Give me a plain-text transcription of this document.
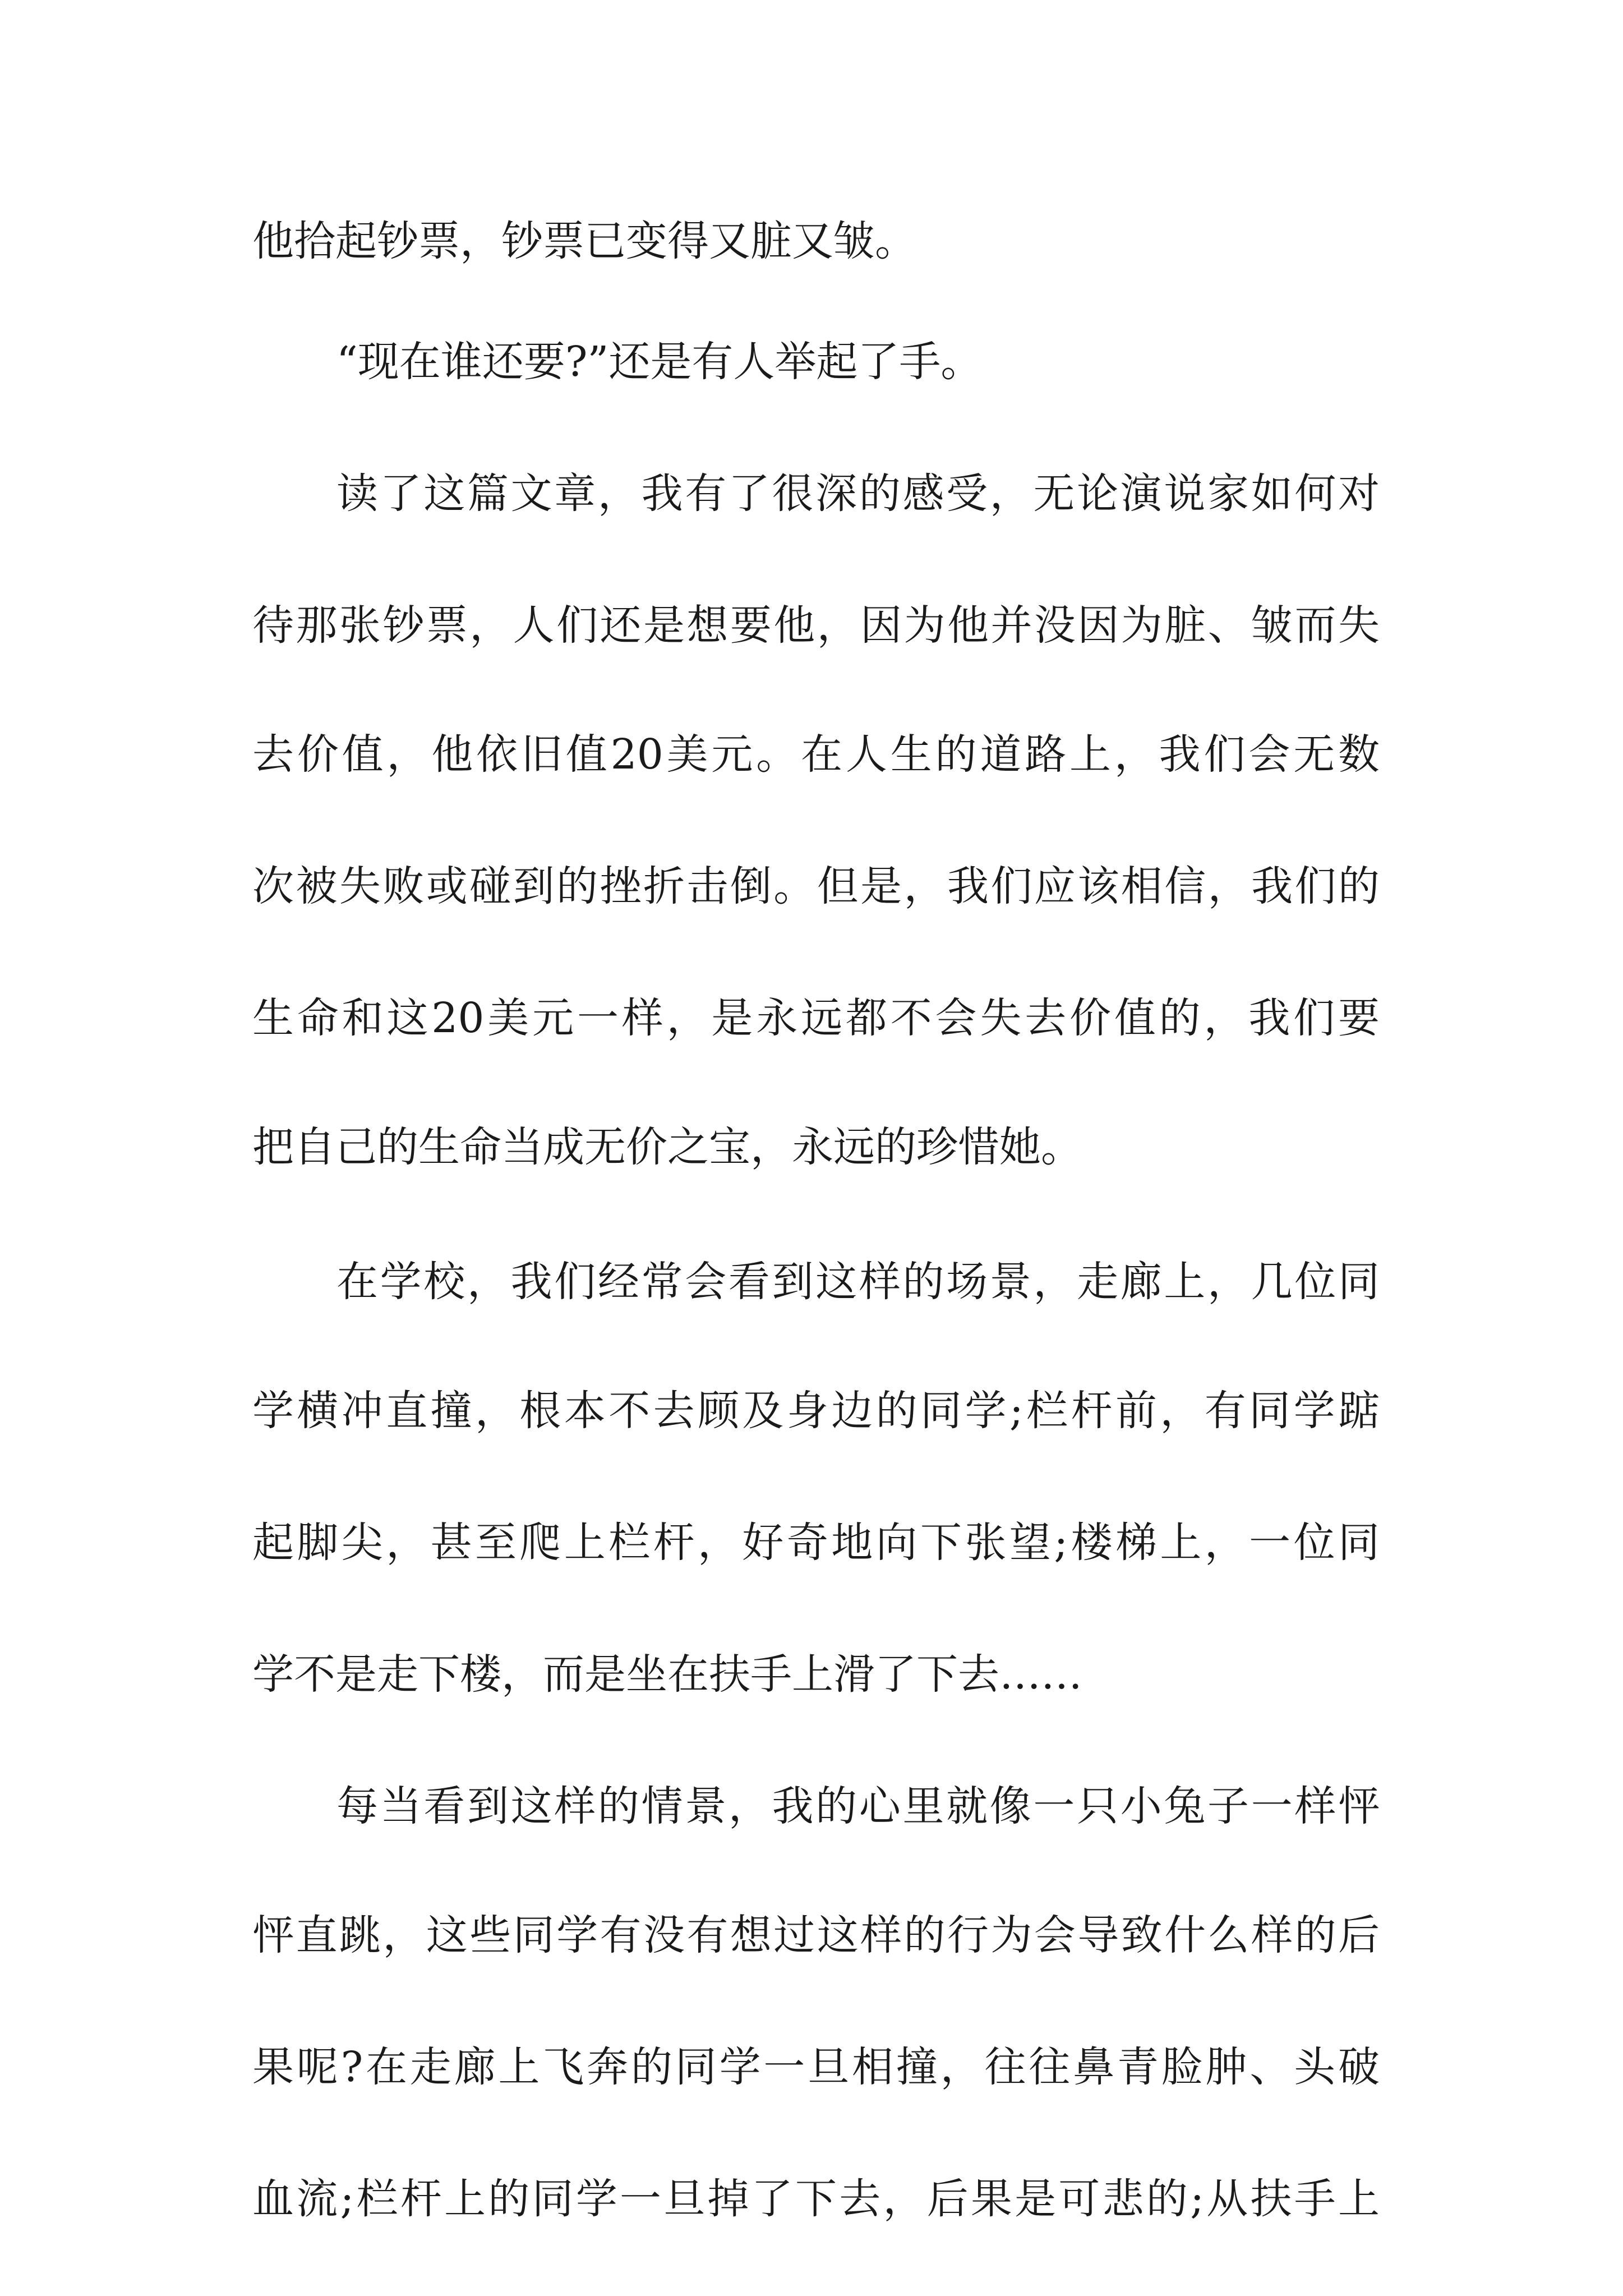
他拾起钞票，钞票已变得又脏又皱。
“现在谁还要?”还是有人举起了手。
读了这篇文章，我有了很深的感受，无论演说家如何对
待那张钞票，人们还是想要他，因为他并没因为脏、皱而失
去价值，他依旧值20美元。在人生的道路上，我们会无数
次被失败或碰到的挫折击倒。但是，我们应该相信，我们的
生命和这20美元一样，是永远都不会失去价值的，我们要
把自己的生命当成无价之宝，永远的珍惜她。
在学校，我们经常会看到这样的场景，走廊上，几位同
学横冲直撞，根本不去顾及身边的同学;栏杆前，有同学踮
起脚尖，甚至爬上栏杆，好奇地向下张望;楼梯上，一位同
学不是走下楼，而是坐在扶手上滑了下去……
每当看到这样的情景，我的心里就像一只小兔子一样怦
怦直跳，这些同学有没有想过这样的行为会导致什么样的后
果呢?在走廊上飞奔的同学一旦相撞，往往鼻青脸肿、头破
血流;栏杆上的同学一旦掉了下去，后果是可悲的;从扶手上
